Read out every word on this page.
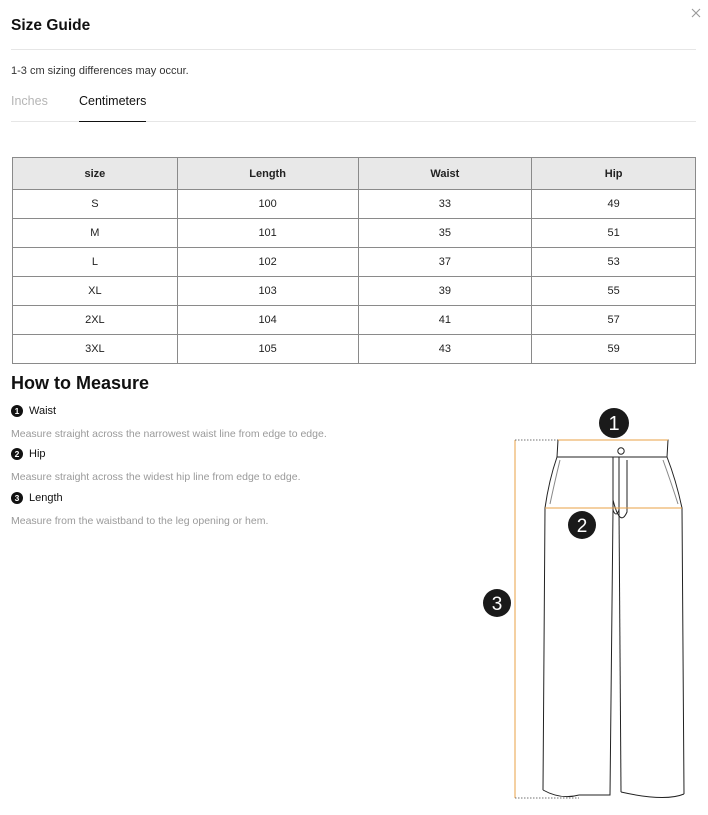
Size Guide
1-3 cm sizing differences may occur.
Inches Centimeters
size	Length	Waist	Hip
S	100	33	49
M	101	35	51
L	102	37	53
XL	103	39	55
2XL	104	41	57
3XL	105	43	59
How to Measure
1 Waist
Measure straight across the narrowest waist line from edge to edge.
2 Hip
Measure straight across the widest hip line from edge to edge.
3 Length
Measure from the waistband to the leg opening or hem.
1
2
3
